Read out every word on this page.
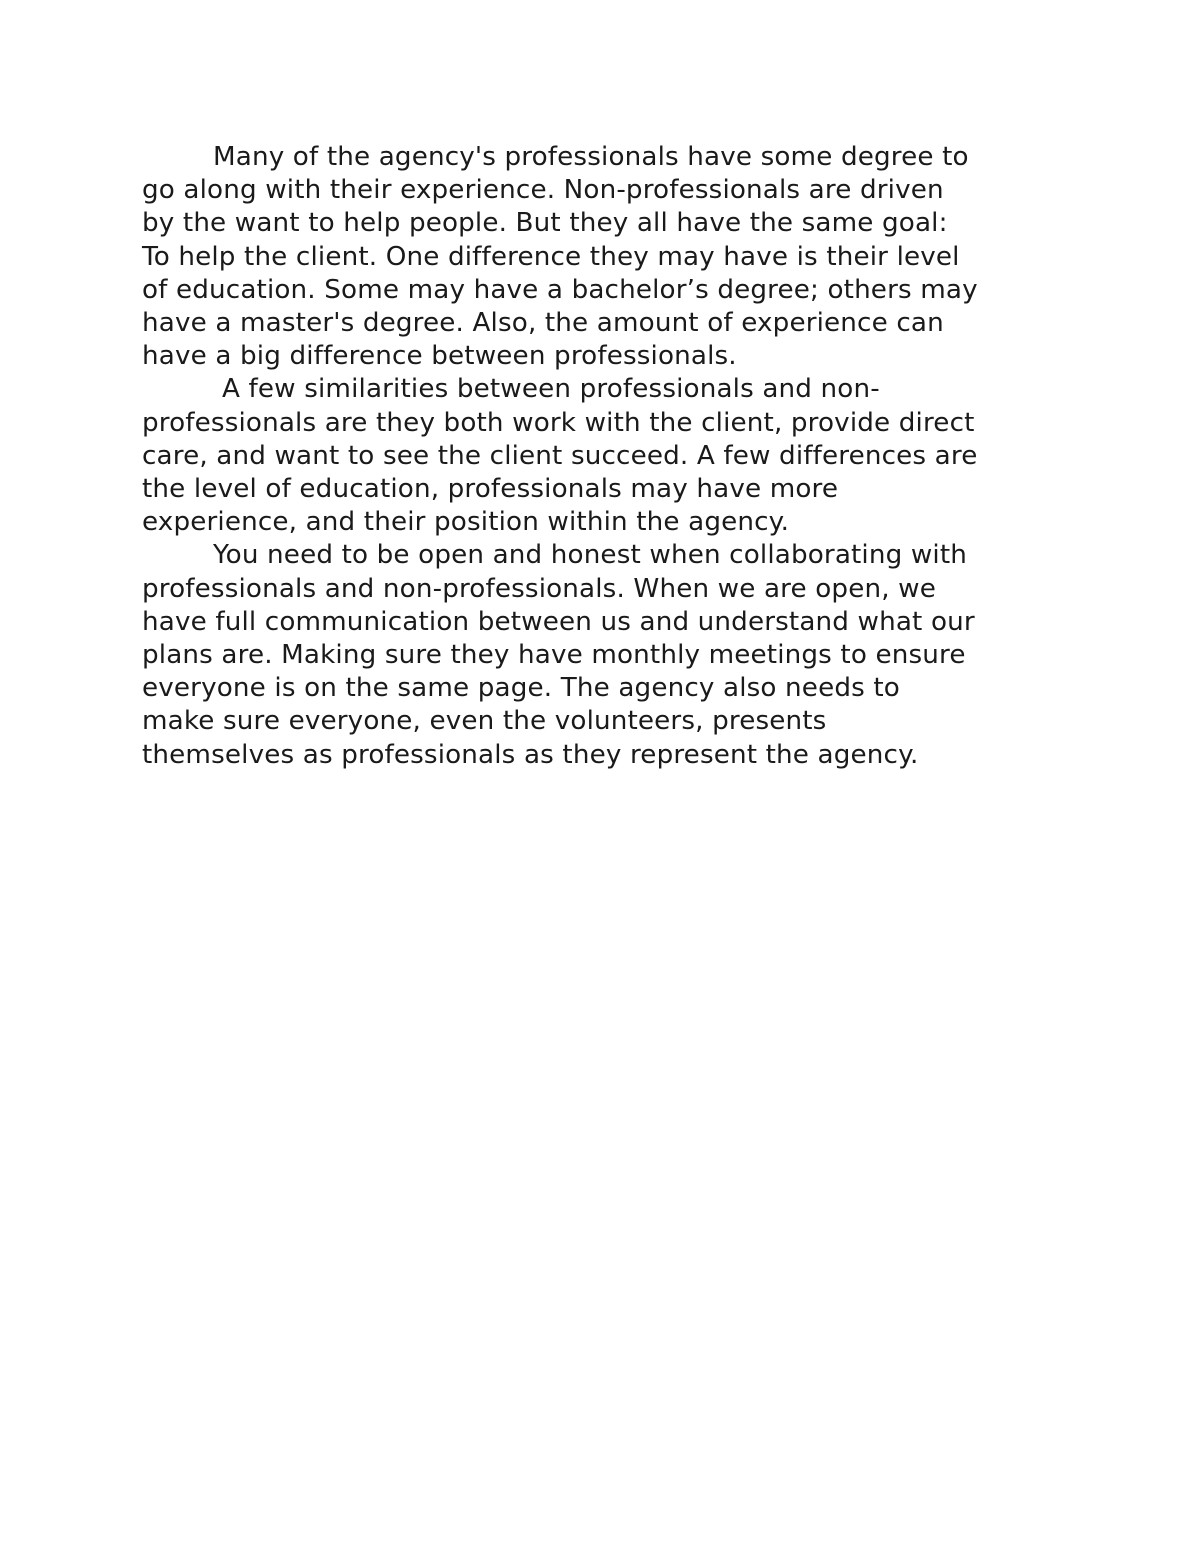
Many of the agency's professionals have some degree to
go along with their experience. Non-professionals are driven
by the want to help people. But they all have the same goal:
To help the client. One difference they may have is their level
of education. Some may have a bachelor’s degree; others may
have a master's degree. Also, the amount of experience can
have a big difference between professionals.

A few similarities between professionals and non-
professionals are they both work with the client, provide direct
care, and want to see the client succeed. A few differences are
the level of education, professionals may have more
experience, and their position within the agency.

You need to be open and honest when collaborating with
professionals and non-professionals. When we are open, we
have full communication between us and understand what our
plans are. Making sure they have monthly meetings to ensure
everyone is on the same page. The agency also needs to
make sure everyone, even the volunteers, presents
themselves as professionals as they represent the agency.
